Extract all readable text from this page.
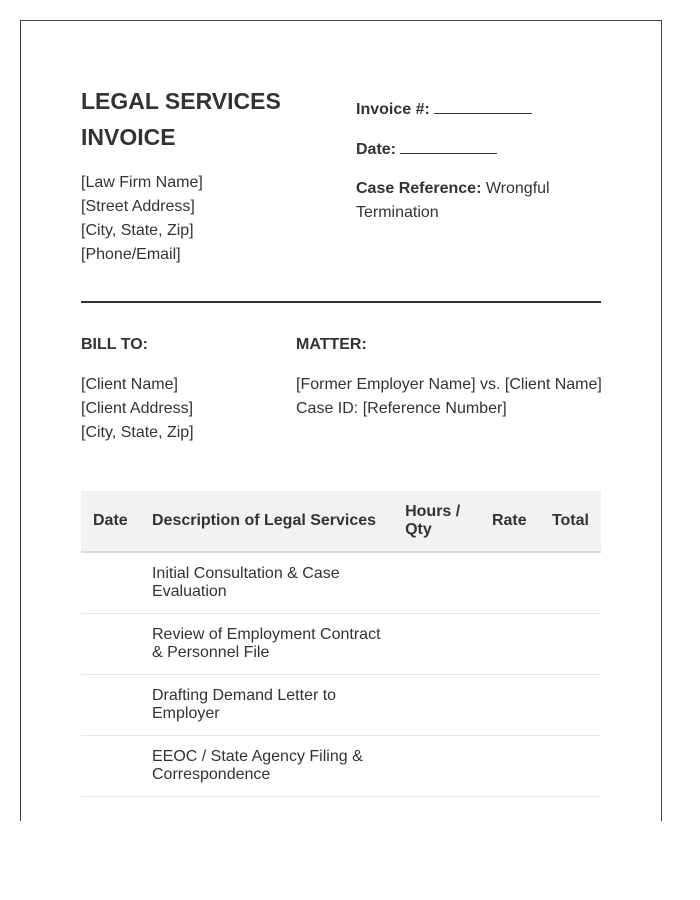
LEGAL SERVICES INVOICE
[Law Firm Name]
[Street Address]
[City, State, Zip]
[Phone/Email]
Invoice #:
Date:
Case Reference: Wrongful Termination
BILL TO:	MATTER:
[Client Name]
[Client Address]
[City, State, Zip]
[Former Employer Name] vs. [Client Name]
Case ID: [Reference Number]
Date	Description of Legal Services	Hours / Qty	Rate	Total
	Initial Consultation & Case Evaluation			
	Review of Employment Contract & Personnel File			
	Drafting Demand Letter to Employer			
	EEOC / State Agency Filing & Correspondence			
